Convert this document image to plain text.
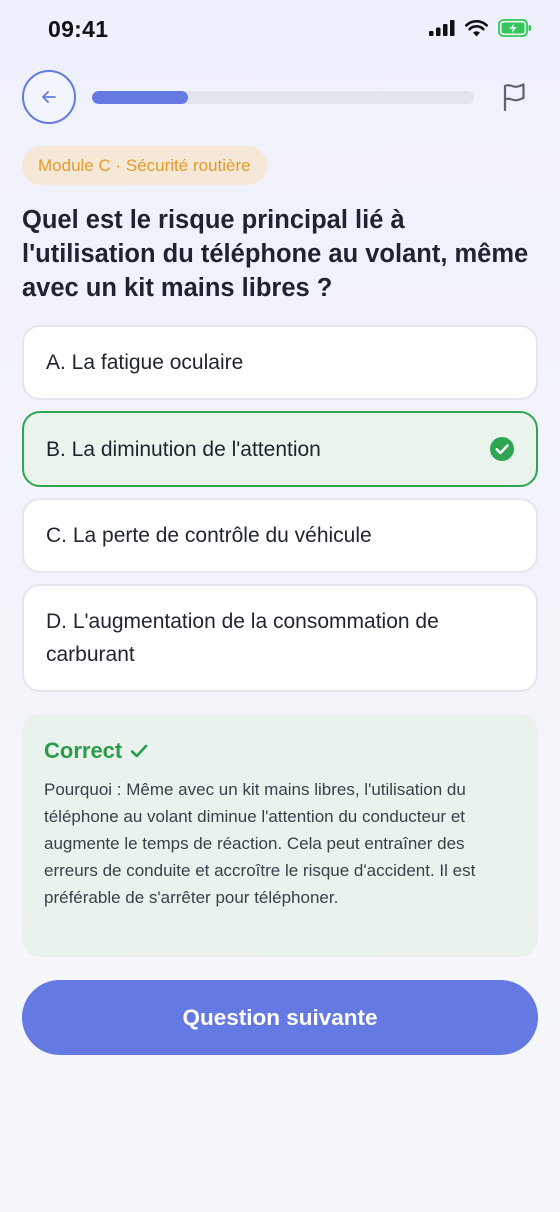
09:41
Module C · Sécurité routière
Quel est le risque principal lié à l'utilisation du téléphone au volant, même avec un kit mains libres ?
A. La fatigue oculaire
B. La diminution de l'attention
C. La perte de contrôle du véhicule
D. L'augmentation de la consommation de carburant
Correct
Pourquoi : Même avec un kit mains libres, l'utilisation du téléphone au volant diminue l'attention du conducteur et augmente le temps de réaction. Cela peut entraîner des erreurs de conduite et accroître le risque d'accident. Il est préférable de s'arrêter pour téléphoner.
Question suivante
